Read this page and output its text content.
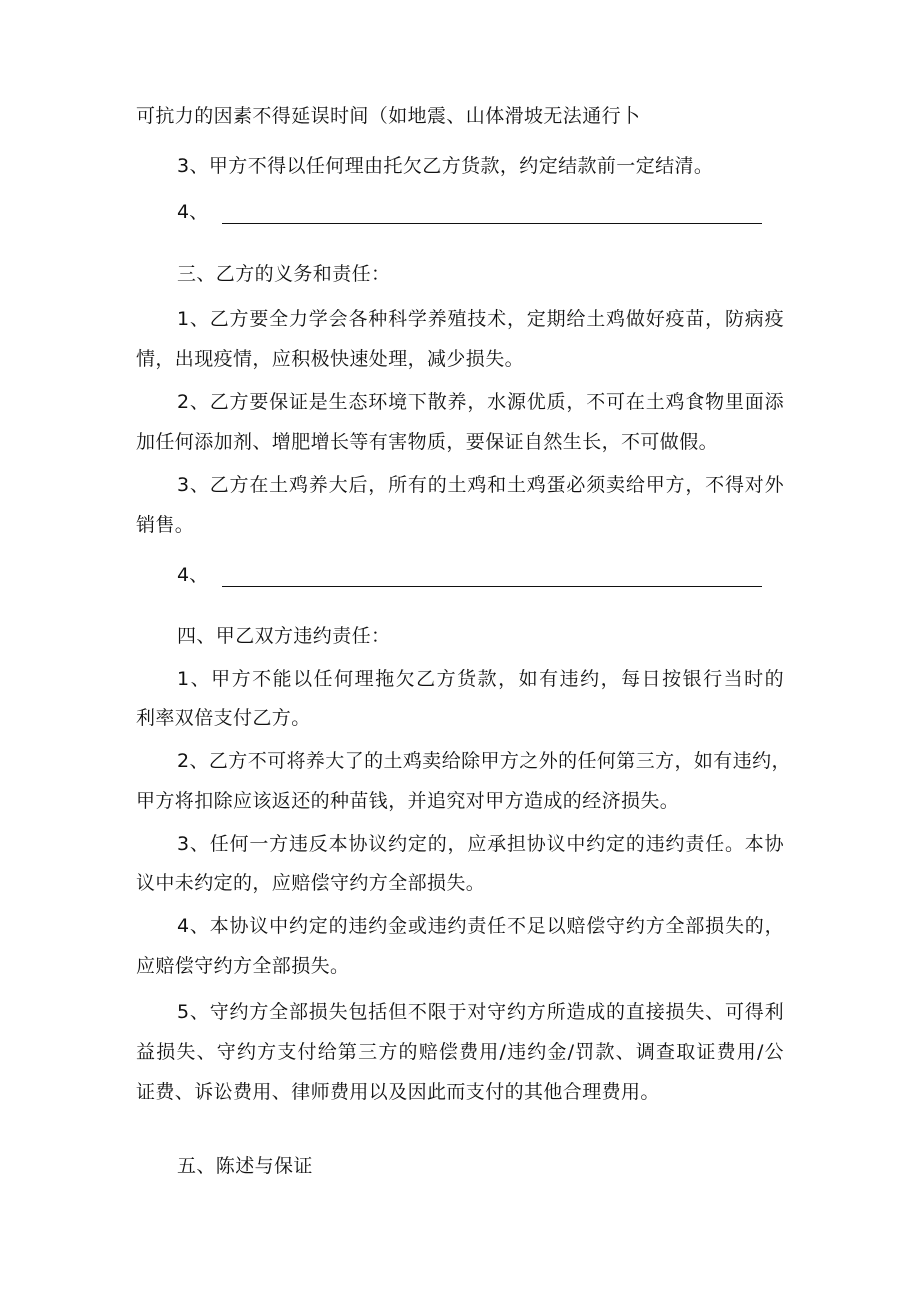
可抗力的因素不得延误时间（如地震、山体滑坡无法通行卜
3、甲方不得以任何理由托欠乙方货款，约定结款前一定结清。
4、
三、乙方的义务和责任：
1、乙方要全力学会各种科学养殖技术，定期给土鸡做好疫苗，防病疫
情，出现疫情，应积极快速处理，减少损失。
2、乙方要保证是生态环境下散养，水源优质，不可在土鸡食物里面添
加任何添加剂、增肥增长等有害物质，要保证自然生长，不可做假。
3、乙方在土鸡养大后，所有的土鸡和土鸡蛋必须卖给甲方，不得对外
销售。
4、
四、甲乙双方违约责任：
1、甲方不能以任何理拖欠乙方货款，如有违约，每日按银行当时的
利率双倍支付乙方。
2、乙方不可将养大了的土鸡卖给除甲方之外的任何第三方，如有违约，
甲方将扣除应该返还的种苗钱，并追究对甲方造成的经济损失。
3、任何一方违反本协议约定的，应承担协议中约定的违约责任。本协
议中未约定的，应赔偿守约方全部损失。
4、本协议中约定的违约金或违约责任不足以赔偿守约方全部损失的，
应赔偿守约方全部损失。
5、守约方全部损失包括但不限于对守约方所造成的直接损失、可得利
益损失、守约方支付给第三方的赔偿费用/违约金/罚款、调查取证费用/公
证费、诉讼费用、律师费用以及因此而支付的其他合理费用。
五、陈述与保证
